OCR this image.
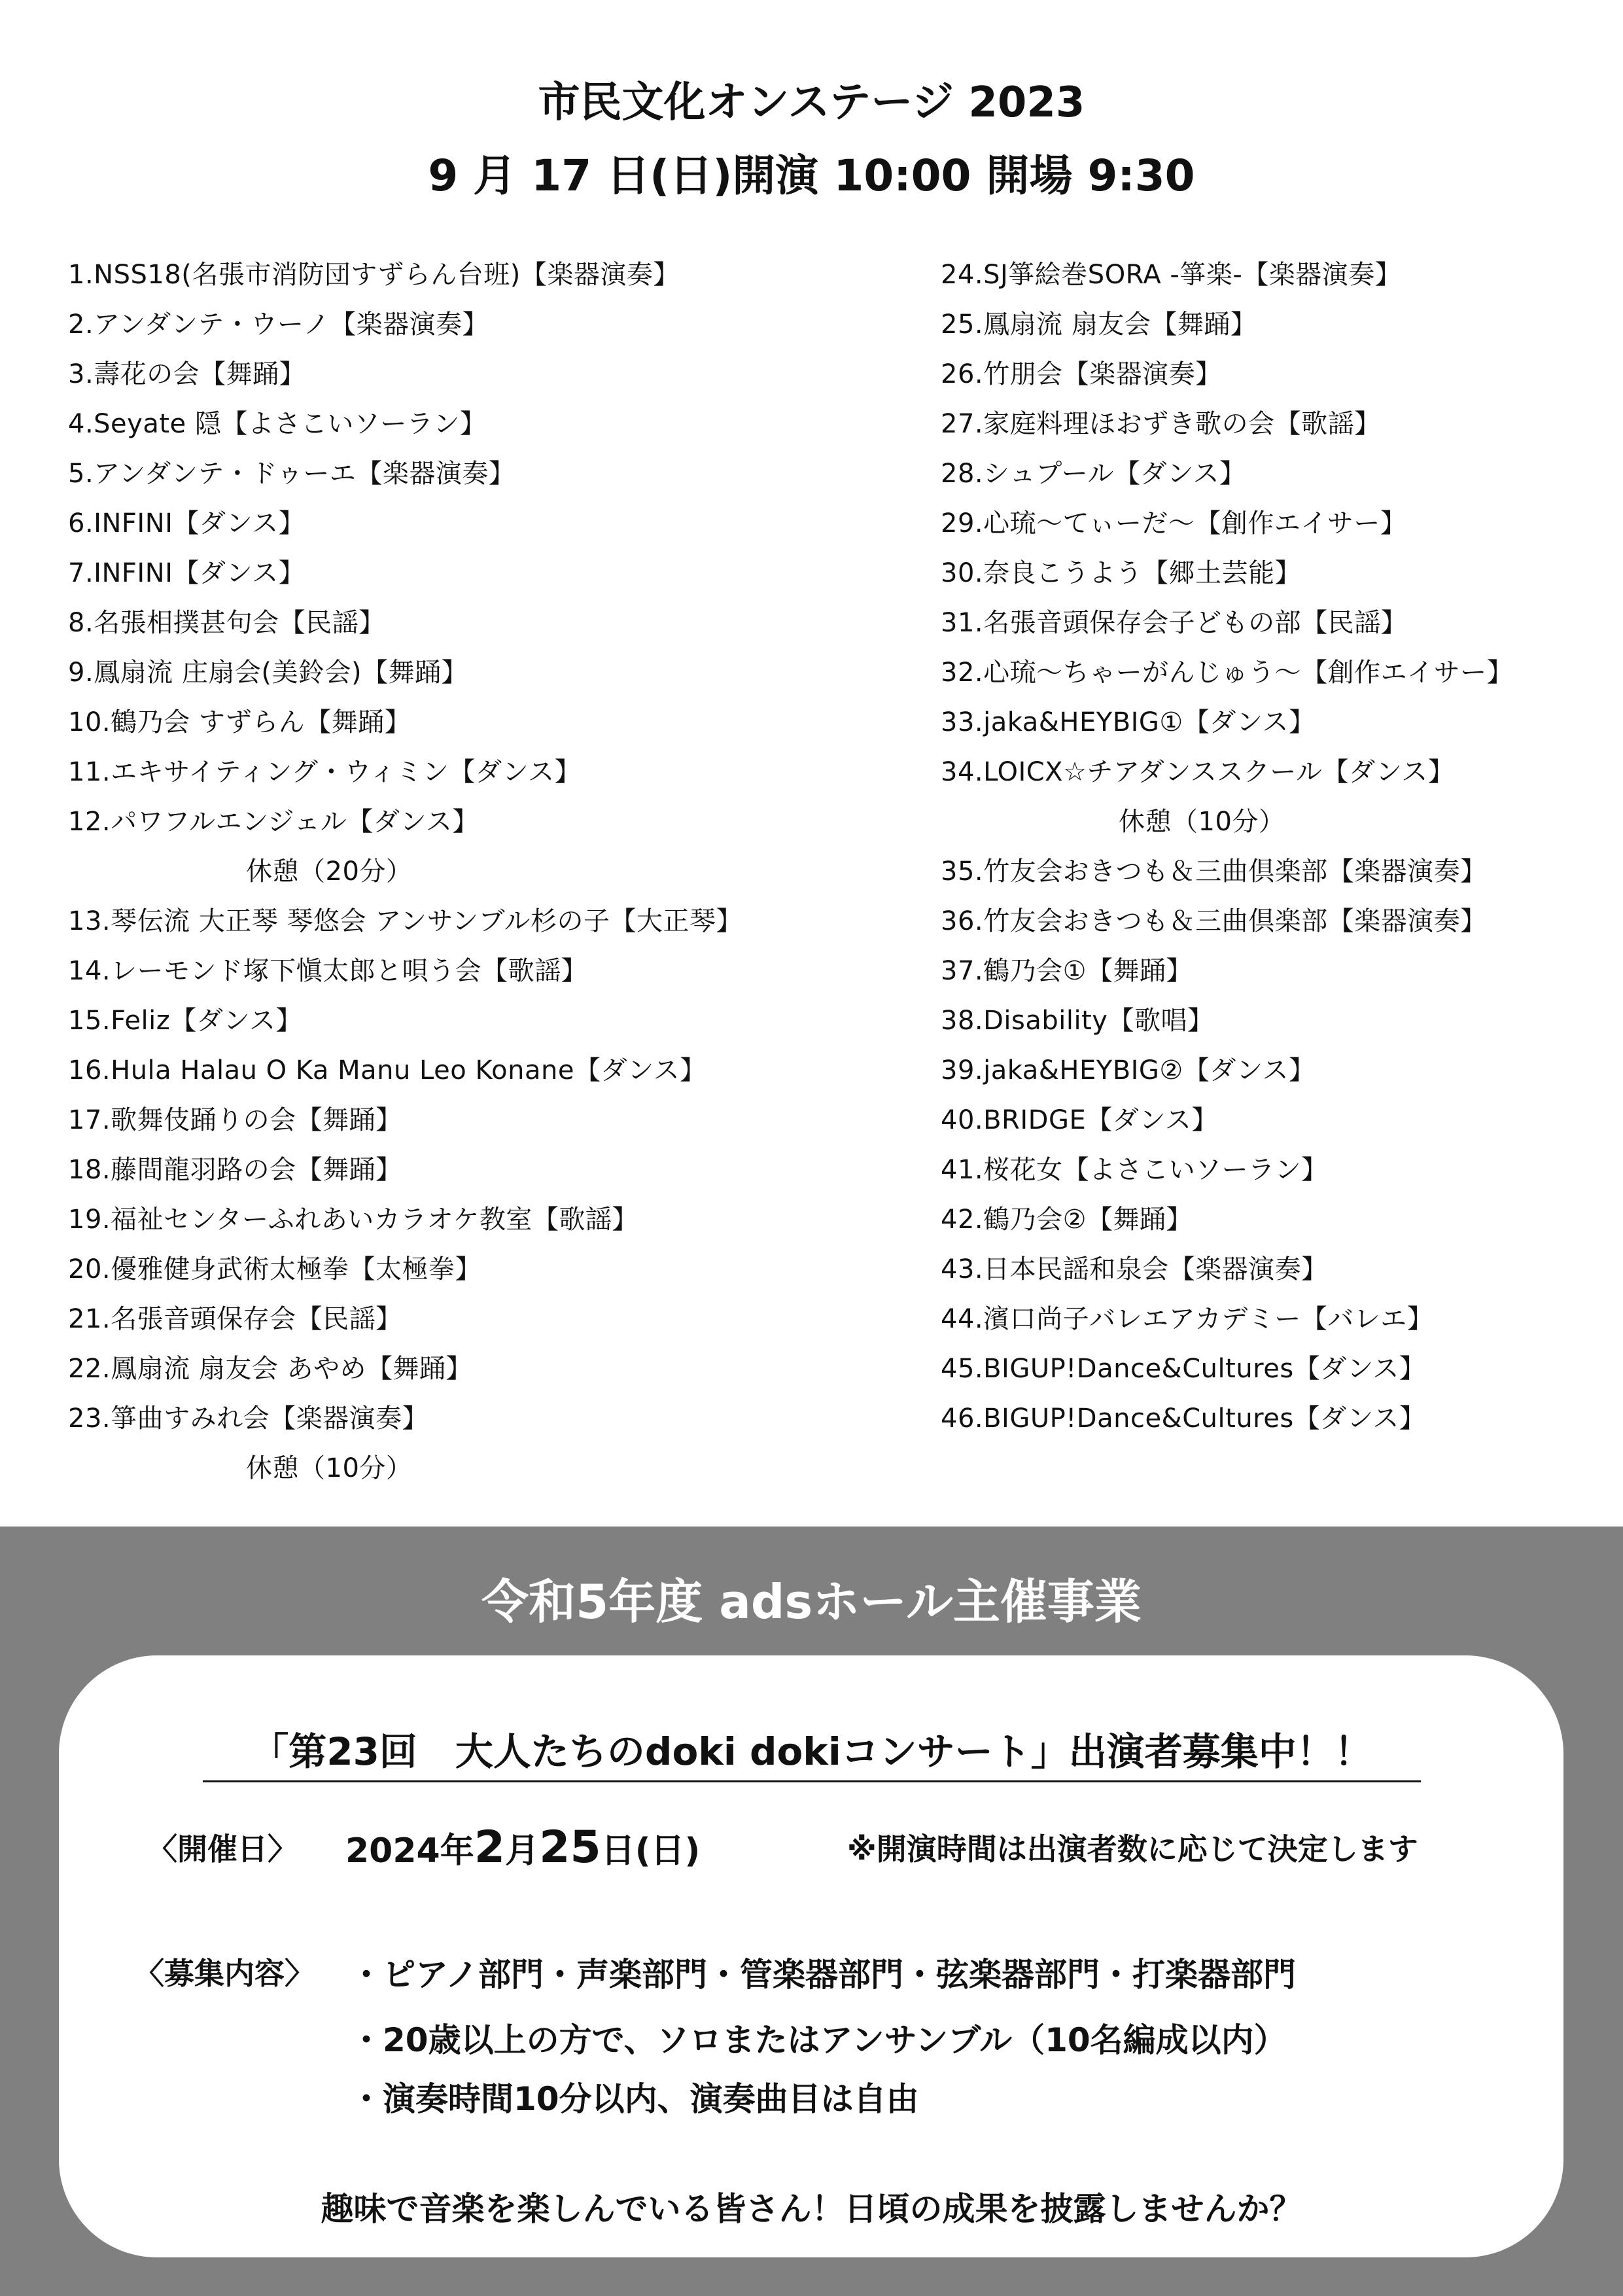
市民文化オンステージ 2023
9 月 17 日(日)開演 10:00 開場 9:30
1.NSS18(名張市消防団すずらん台班)【楽器演奏】
2.アンダンテ・ウーノ【楽器演奏】
3.壽花の会【舞踊】
4.Seyate 隠【よさこいソーラン】
5.アンダンテ・ドゥーエ【楽器演奏】
6.INFINI【ダンス】
7.INFINI【ダンス】
8.名張相撲甚句会【民謡】
9.鳳扇流 庄扇会(美鈴会)【舞踊】
10.鶴乃会 すずらん【舞踊】
11.エキサイティング・ウィミン【ダンス】
12.パワフルエンジェル【ダンス】
休憩（20分）
13.琴伝流 大正琴 琴悠会 アンサンブル杉の子【大正琴】
14.レーモンド塚下愼太郎と唄う会【歌謡】
15.Feliz【ダンス】
16.Hula Halau O Ka Manu Leo Konane【ダンス】
17.歌舞伎踊りの会【舞踊】
18.藤間龍羽路の会【舞踊】
19.福祉センターふれあいカラオケ教室【歌謡】
20.優雅健身武術太極拳【太極拳】
21.名張音頭保存会【民謡】
22.鳳扇流 扇友会 あやめ【舞踊】
23.箏曲すみれ会【楽器演奏】
休憩（10分）
24.SJ箏絵巻SORA -箏楽-【楽器演奏】
25.鳳扇流 扇友会【舞踊】
26.竹朋会【楽器演奏】
27.家庭料理ほおずき歌の会【歌謡】
28.シュプール【ダンス】
29.心琉〜てぃーだ〜【創作エイサー】
30.奈良こうよう【郷土芸能】
31.名張音頭保存会子どもの部【民謡】
32.心琉〜ちゃーがんじゅう〜【創作エイサー】
33.jaka&HEYBIG①【ダンス】
34.LOICX☆チアダンススクール【ダンス】
休憩（10分）
35.竹友会おきつも＆三曲倶楽部【楽器演奏】
36.竹友会おきつも＆三曲倶楽部【楽器演奏】
37.鶴乃会①【舞踊】
38.Disability【歌唱】
39.jaka&HEYBIG②【ダンス】
40.BRIDGE【ダンス】
41.桜花女【よさこいソーラン】
42.鶴乃会②【舞踊】
43.日本民謡和泉会【楽器演奏】
44.濱口尚子バレエアカデミー【バレエ】
45.BIGUP!Dance&Cultures【ダンス】
46.BIGUP!Dance&Cultures【ダンス】
令和5年度 adsホール主催事業
「第23回　大人たちのdoki dokiコンサート」出演者募集中！！
〈開催日〉 2024年2月25日(日)	※開演時間は出演者数に応じて決定します
〈募集内容〉 ・ピアノ部門・声楽部門・管楽器部門・弦楽器部門・打楽器部門
・20歳以上の方で、ソロまたはアンサンブル（10名編成以内）
・演奏時間10分以内、演奏曲目は自由
趣味で音楽を楽しんでいる皆さん！日頃の成果を披露しませんか？
